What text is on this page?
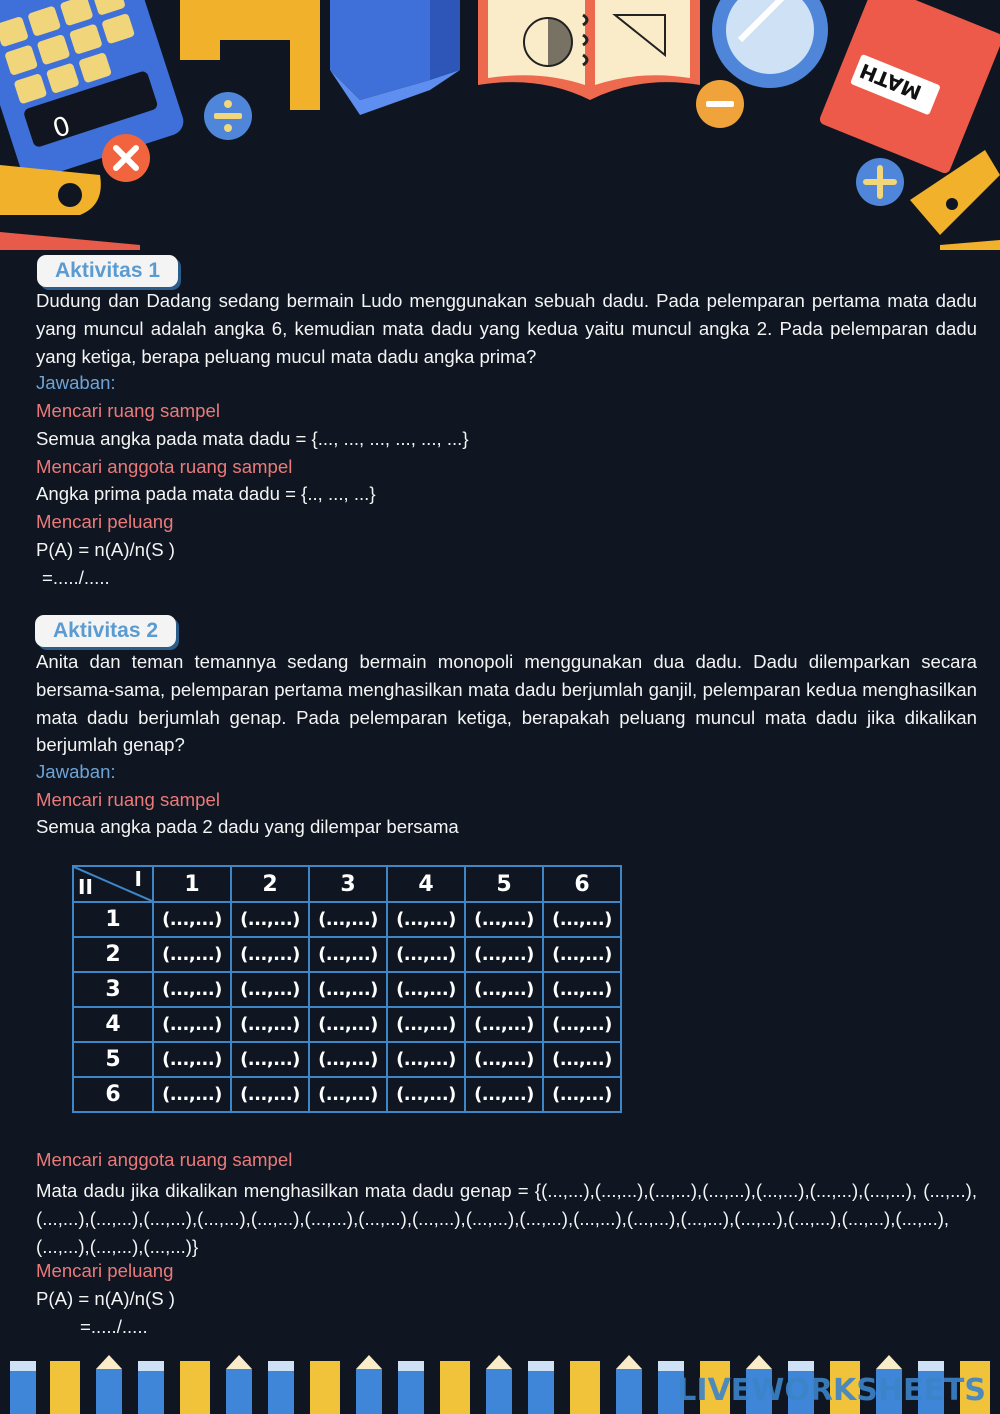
0
MATH
Aktivitas 1

Dudung dan Dadang sedang bermain Ludo menggunakan sebuah dadu. Pada pelemparan pertama mata dadu yang muncul adalah angka 6, kemudian mata dadu yang kedua yaitu muncul angka 2. Pada pelemparan dadu yang ketiga, berapa peluang mucul mata dadu angka prima?

Jawaban:

Mencari ruang sampel

Semua angka pada mata dadu = {..., ..., ..., ..., ..., ...}

Mencari anggota ruang sampel

Angka prima pada mata dadu = {.., ..., ...}

Mencari peluang

P(A) = n(A)/n(S )

=...../.....

Aktivitas 2

Anita dan teman temannya sedang bermain monopoli menggunakan dua dadu. Dadu dilemparkan secara bersama-sama, pelemparan pertama menghasilkan mata dadu berjumlah ganjil, pelemparan kedua menghasilkan mata dadu berjumlah genap. Pada pelemparan ketiga, berapakah peluang muncul mata dadu jika dikalikan berjumlah genap?

Jawaban:

Mencari ruang sampel

Semua angka pada 2 dadu yang dilempar bersama

I
II	1	2	3	4	5	6
1	(...,...)	(...,...)	(...,...)	(...,...)	(...,...)	(...,...)
2	(...,...)	(...,...)	(...,...)	(...,...)	(...,...)	(...,...)
3	(...,...)	(...,...)	(...,...)	(...,...)	(...,...)	(...,...)
4	(...,...)	(...,...)	(...,...)	(...,...)	(...,...)	(...,...)
5	(...,...)	(...,...)	(...,...)	(...,...)	(...,...)	(...,...)
6	(...,...)	(...,...)	(...,...)	(...,...)	(...,...)	(...,...)

Mencari anggota ruang sampel

Mata dadu jika dikalikan menghasilkan mata dadu genap = {(...,...),(...,...),(...,...),(...,...),(...,...),(...,...),(...,...), (...,...),(...,...),(...,...),(...,...),(...,...),(...,...),(...,...),(...,...),(...,...),(...,...),(...,...),(...,...),(...,...),(...,...),(...,...),(...,...),(...,...),(...,...), (...,...),(...,...),(...,...)}

Mencari peluang

P(A) = n(A)/n(S )

=...../.....

LIVEWORKSHEETS
